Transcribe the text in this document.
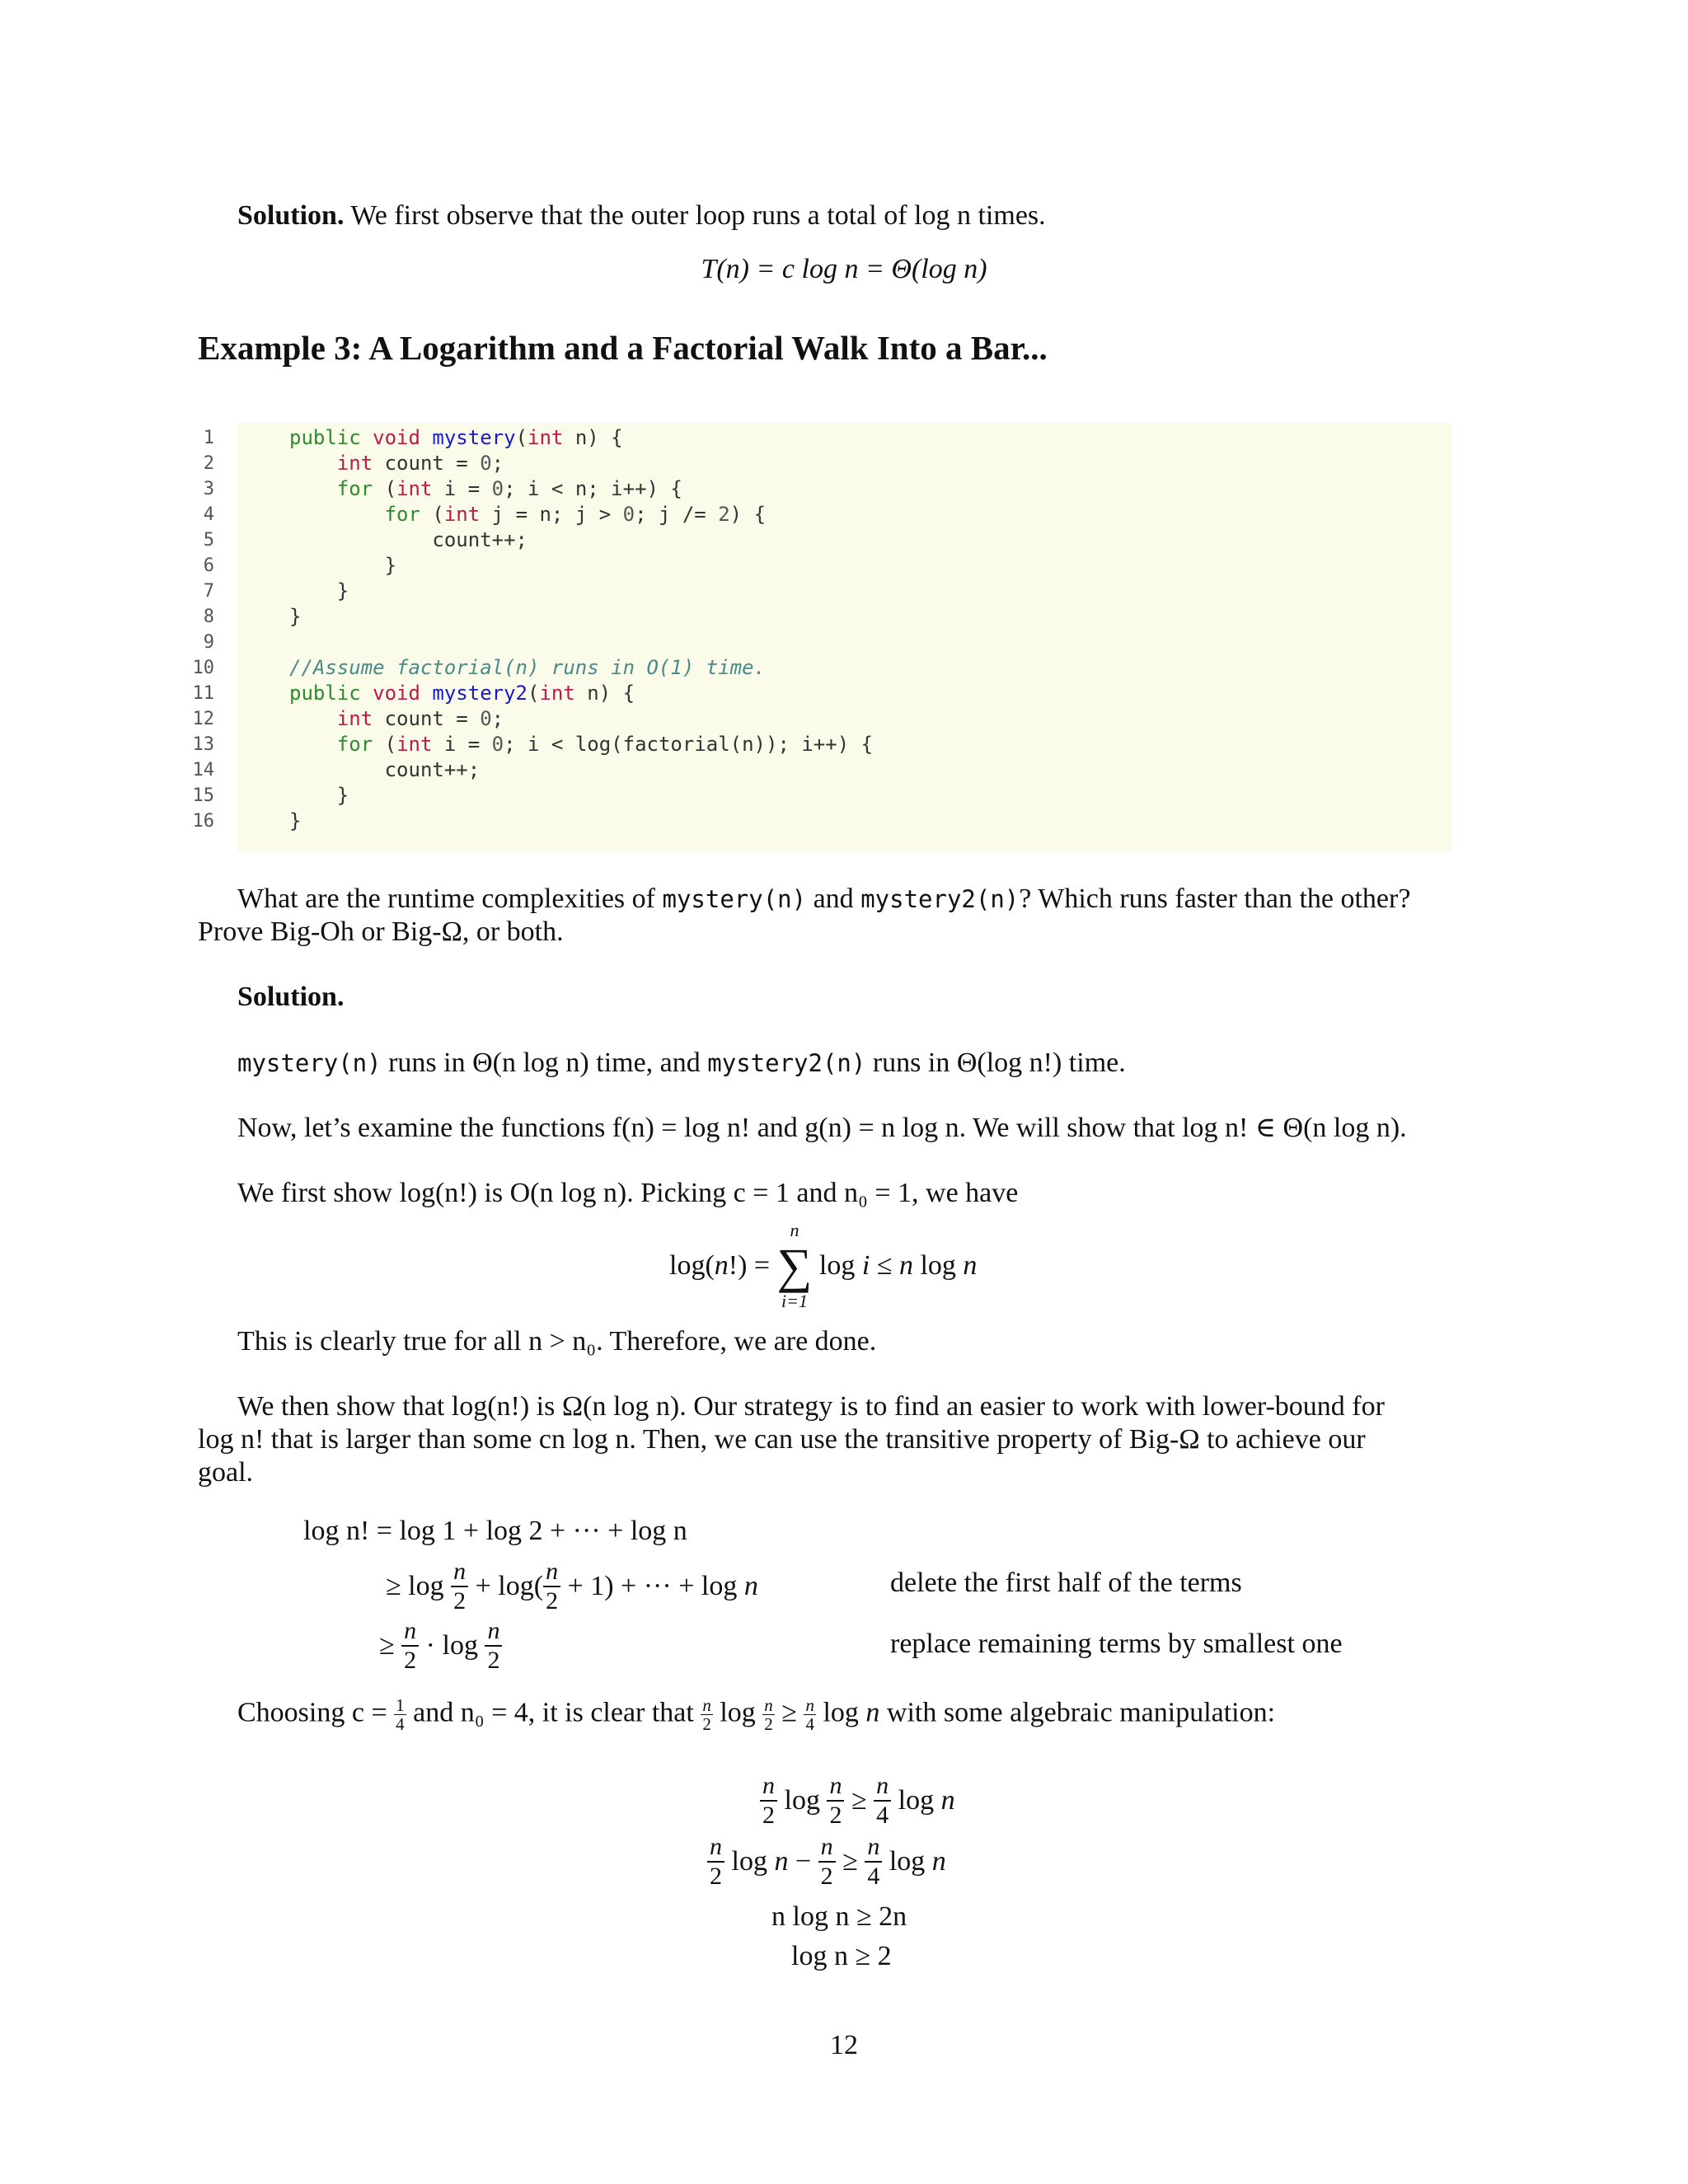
Solution. We first observe that the outer loop runs a total of log n times.
T(n) = c log n = Θ(log n)
Example 3: A Logarithm and a Factorial Walk Into a Bar...
public void mystery(int n) {
int count = 0;
for (int i = 0; i < n; i++) {
for (int j = n; j > 0; j /= 2) {
count++;
}
}
}
//Assume factorial(n) runs in O(1) time.
public void mystery2(int n) {
int count = 0;
for (int i = 0; i < log(factorial(n)); i++) {
count++;
}
}
1
2
3
4
5
6
7
8
9
10
11
12
13
14
15
16
What are the runtime complexities of mystery(n) and mystery2(n)? Which runs faster than the other?
Prove Big-Oh or Big-Ω, or both.
Solution.
mystery(n) runs in Θ(n log n) time, and mystery2(n) runs in Θ(log n!) time.
Now, let’s examine the functions f(n) = log n! and g(n) = n log n. We will show that log n! ∈ Θ(n log n).
We first show log(n!) is O(n log n). Picking c = 1 and n₀ = 1, we have
log(n!) =
n
∑
i=1
log i ≤ n log n
This is clearly true for all n > n₀. Therefore, we are done.
We then show that log(n!) is Ω(n log n). Our strategy is to find an easier to work with lower-bound for
log n! that is larger than some cn log n. Then, we can use the transitive property of Big-Ω to achieve our
goal.
log n! = log 1 + log 2 + ··· + log n
≥ $\log \frac{n}{2} + \log( \frac{n}{2} + 1)$ + ··· + log n	delete the first half of the terms
≥ $\frac{n}{2} \cdot \log \frac{n}{2}$	replace remaining terms by smallest one
Choosing $c = \frac{1}{4}$ and n₀ = 4, it is clear that $\frac{n}{2}$ $\log \frac{n}{2} \ge \frac{n}{4}$ log n with some algebraic manipulation:
$\frac{n}{2}$ $\log \frac{n}{2} \ge \frac{n}{4}$ log n
$\frac{n}{2}$ $\log n - \frac{n}{2} \ge \frac{n}{4}$ log n
n log n ≥ 2n
log n ≥ 2
12
